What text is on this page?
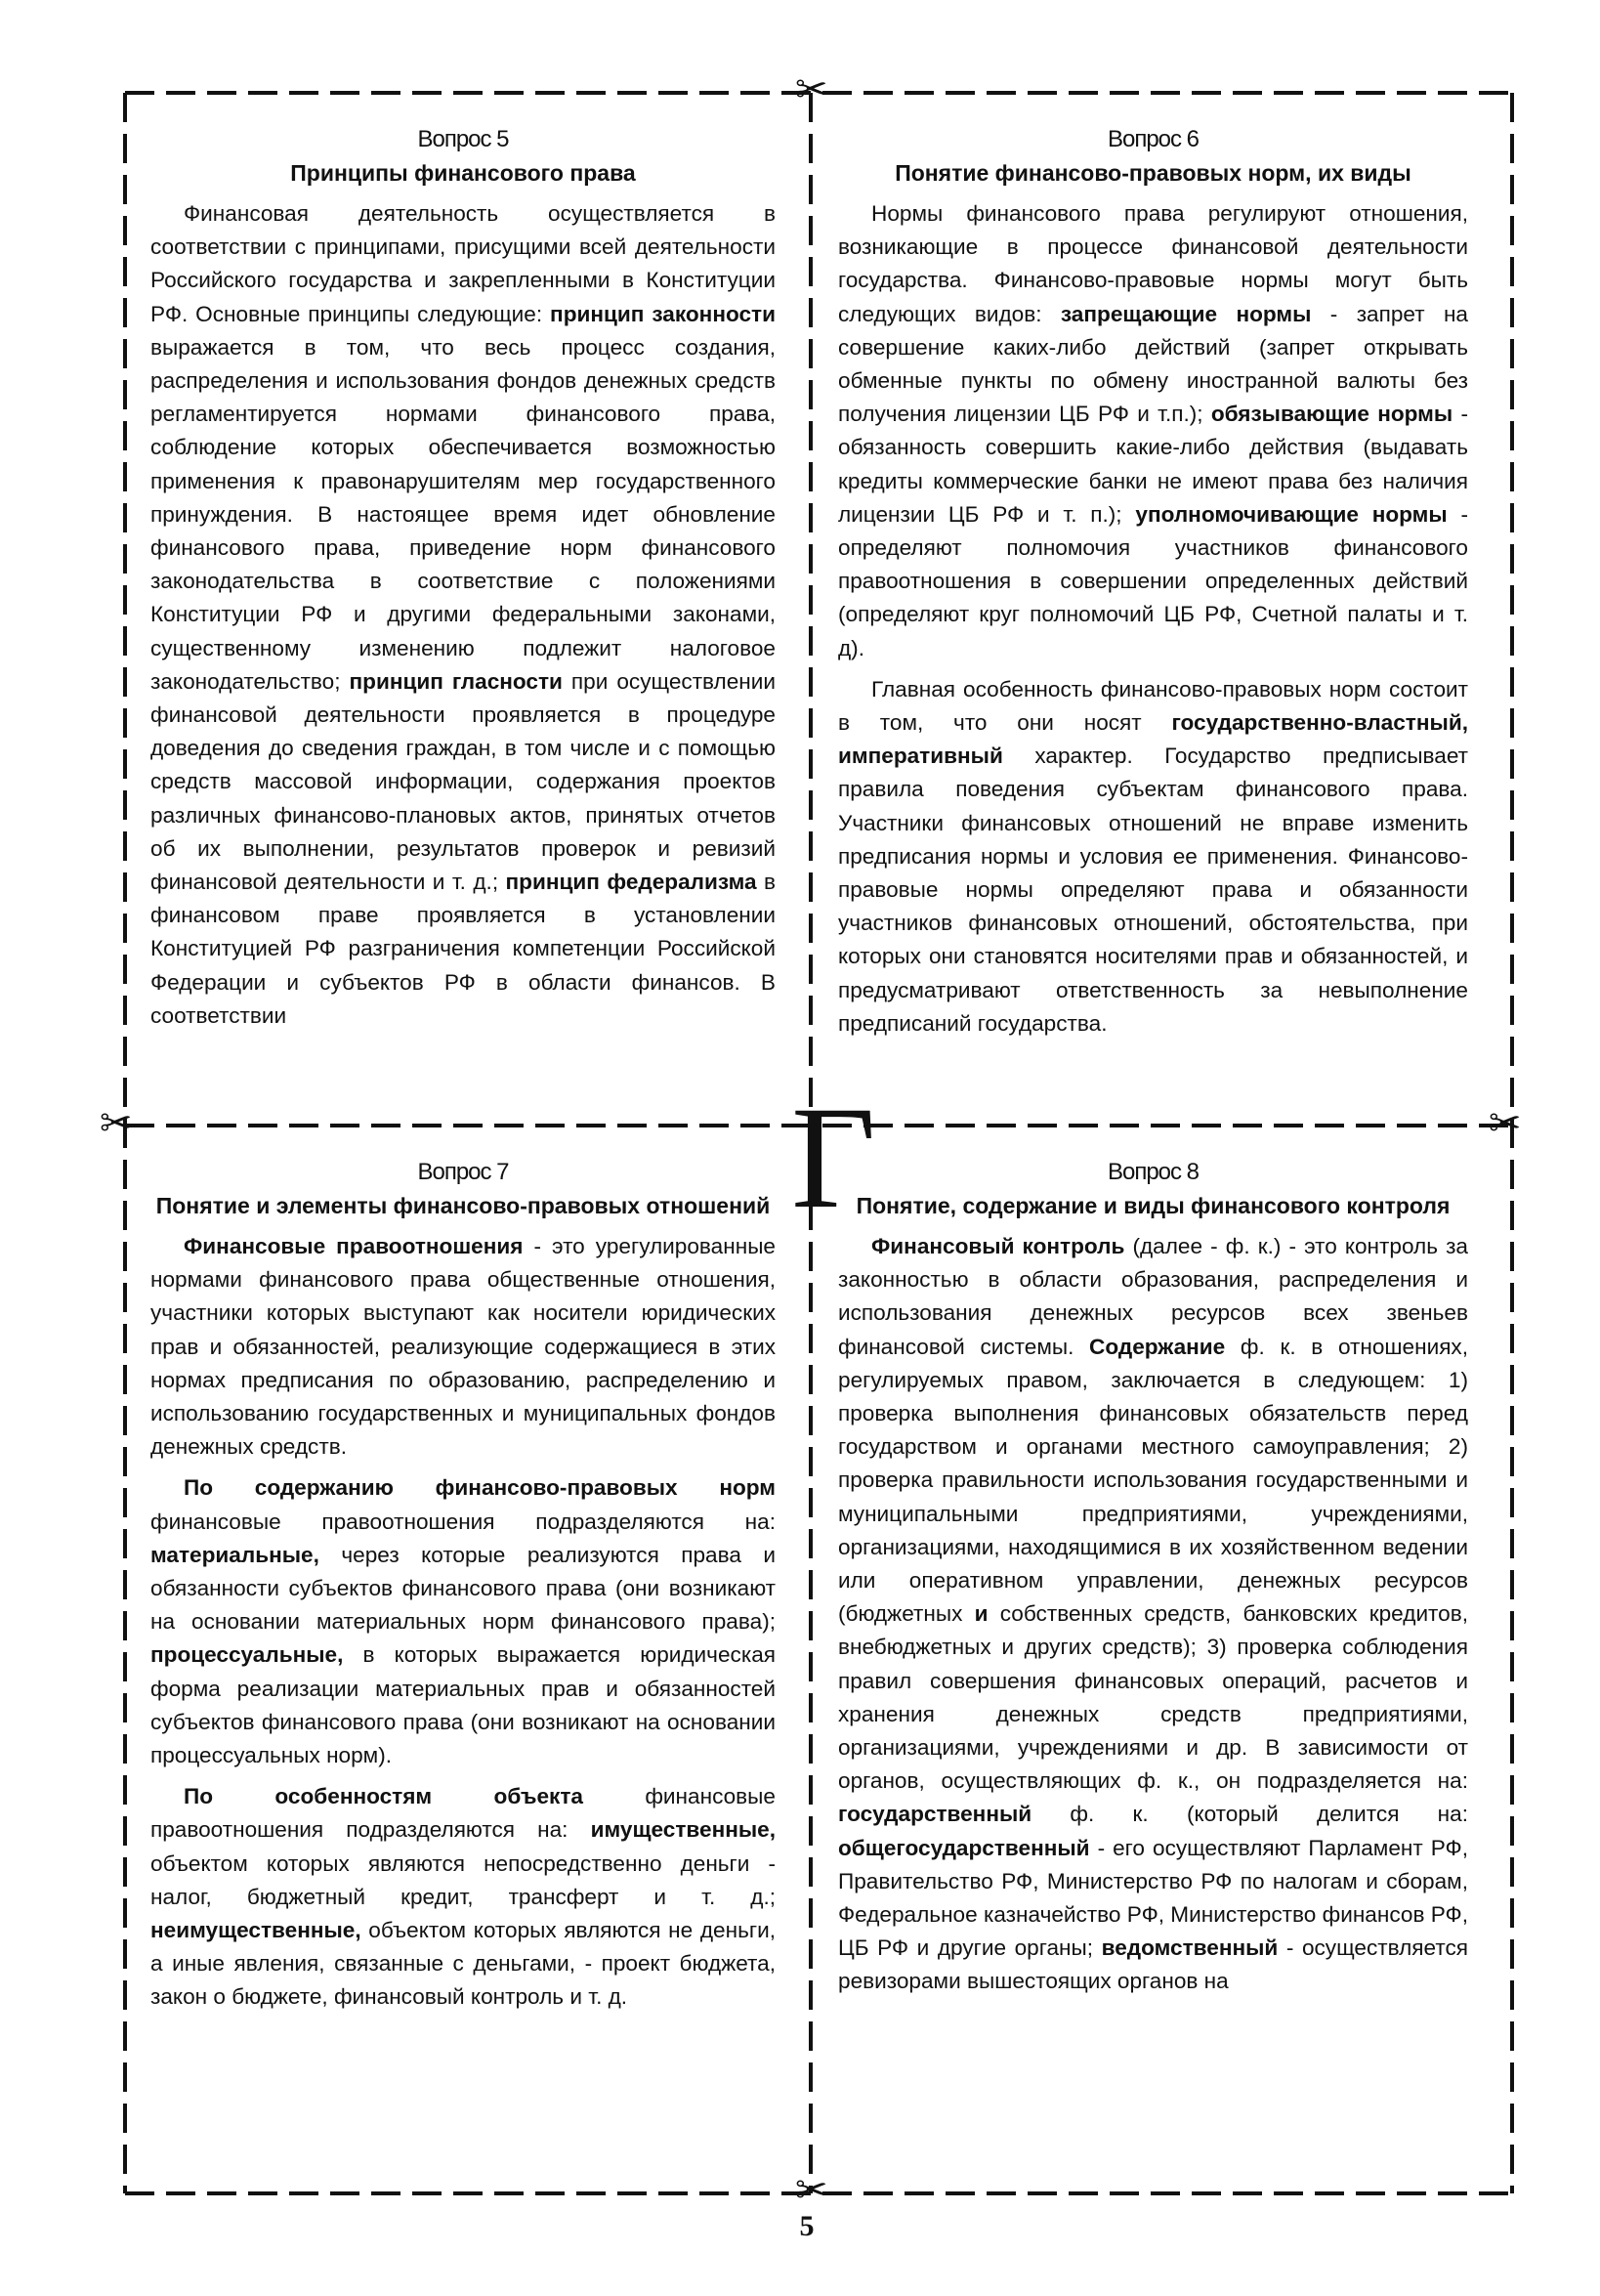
✂
✂	✂
✂
Г
Вопрос 5
Принципы финансового права

Финансовая деятельность осуществляется в соответствии с принципами, присущими всей деятельности Российского государства и закрепленными в Конституции РФ. Основные принципы следующие: принцип законности выражается в том, что весь процесс создания, распределения и использования фондов денежных средств регламентируется нормами финансового права, соблюдение которых обеспечивается возможностью применения к правонарушителям мер государственного принуждения. В настоящее время идет обновление финансового права, приведение норм финансового законодательства в соответствие с положениями Конституции РФ и другими федеральными законами, существенному изменению подлежит налоговое законодательство; принцип гласности при осуществлении финансовой деятельности проявляется в процедуре доведения до сведения граждан, в том числе и с помощью средств массовой информации, содержания проектов различных финансово-плановых актов, принятых отчетов об их выполнении, результатов проверок и ревизий финансовой деятельности и т. д.; принцип федерализма в финансовом праве проявляется в установлении Конституцией РФ разграничения компетенции Российской Федерации и субъектов РФ в области финансов. В соответствии

Вопрос 6
Понятие финансово-правовых норм, их виды

Нормы финансового права регулируют отношения, возникающие в процессе финансовой деятельности государства. Финансово-правовые нормы могут быть следующих видов: запрещающие нормы - запрет на совершение каких-либо действий (запрет открывать обменные пункты по обмену иностранной валюты без получения лицензии ЦБ РФ и т.п.); обязывающие нормы - обязанность совершить какие-либо действия (выдавать кредиты коммерческие банки не имеют права без наличия лицензии ЦБ РФ и т. п.); уполномочивающие нормы - определяют полномочия участников финансового правоотношения в совершении определенных действий (определяют круг полномочий ЦБ РФ, Счетной палаты и т. д).

Главная особенность финансово-правовых норм состоит в том, что они носят государственно-властный, императивный характер. Государство предписывает правила поведения субъектам финансового права. Участники финансовых отношений не вправе изменить предписания нормы и условия ее применения. Финансово-правовые нормы определяют права и обязанности участников финансовых отношений, обстоятельства, при которых они становятся носителями прав и обязанностей, и предусматривают ответственность за невыполнение предписаний государства.

Вопрос 7
Понятие и элементы финансово-правовых отношений

Финансовые правоотношения - это урегулированные нормами финансового права общественные отношения, участники которых выступают как носители юридических прав и обязанностей, реализующие содержащиеся в этих нормах предписания по образованию, распределению и использованию государственных и муниципальных фондов денежных средств.

По содержанию финансово-правовых норм финансовые правоотношения подразделяются на: материальные, через которые реализуются права и обязанности субъектов финансового права (они возникают на основании материальных норм финансового права); процессуальные, в которых выражается юридическая форма реализации материальных прав и обязанностей субъектов финансового права (они возникают на основании процессуальных норм).

По особенностям объекта финансовые правоотношения подразделяются на: имущественные, объектом которых являются непосредственно деньги - налог, бюджетный кредит, трансферт и т. д.; неимущественные, объектом которых являются не деньги, а иные явления, связанные с деньгами, - проект бюджета, закон о бюджете, финансовый контроль и т. д.

Вопрос 8
Понятие, содержание и виды финансового контроля

Финансовый контроль (далее - ф. к.) - это контроль за законностью в области образования, распределения и использования денежных ресурсов всех звеньев финансовой системы. Содержание ф. к. в отношениях, регулируемых правом, заключается в следующем: 1) проверка выполнения финансовых обязательств перед государством и органами местного самоуправления; 2) проверка правильности использования государственными и муниципальными предприятиями, учреждениями, организациями, находящимися в их хозяйственном ведении или оперативном управлении, денежных ресурсов (бюджетных и собственных средств, банковских кредитов, внебюджетных и других средств); 3) проверка соблюдения правил совершения финансовых операций, расчетов и хранения денежных средств предприятиями, организациями, учреждениями и др. В зависимости от органов, осуществляющих ф. к., он подразделяется на: государственный ф. к. (который делится на: общегосударственный - его осуществляют Парламент РФ, Правительство РФ, Министерство РФ по налогам и сборам, Федеральное казначейство РФ, Министерство финансов РФ, ЦБ РФ и другие органы; ведомственный - осуществляется ревизорами вышестоящих органов на

5
